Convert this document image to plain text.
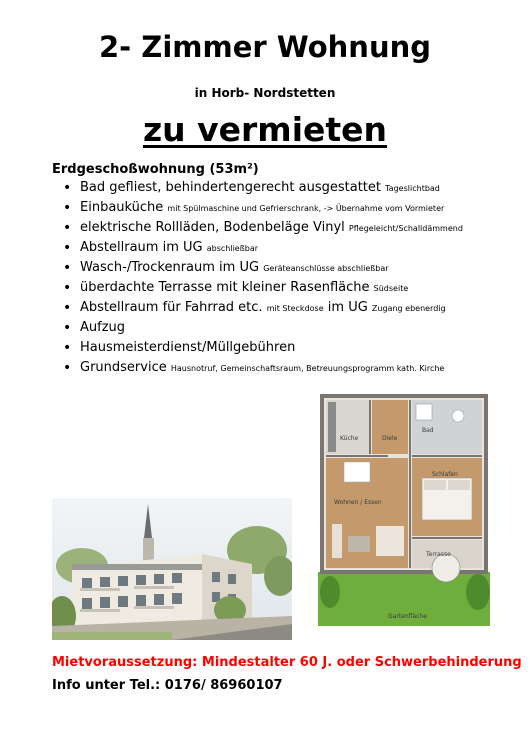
2- Zimmer Wohnung
in Horb- Nordstetten
zu vermieten
Erdgeschoßwohnung (53m²)
• Bad gefliest, behindertengerecht ausgestattet Tageslichtbad
• Einbauküche mit Spülmaschine und Gefrierschrank, -> Übernahme vom Vormieter
• elektrische Rollläden, Bodenbeläge Vinyl Pflegeleicht/Schalldämmend
• Abstellraum im UG abschließbar
• Wasch-/Trockenraum im UG Geräteanschlüsse abschließbar
• überdachte Terrasse mit kleiner Rasenfläche Südseite
• Abstellraum für Fahrrad etc. mit Steckdose im UG Zugang ebenerdig
• Aufzug
• Hausmeisterdienst/Müllgebühren
• Grundservice Hausnotruf, Gemeinschaftsraum, Betreuungsprogramm kath. Kirche
Küche	Diele
Bad
Schlafen
Wohnen / Essen
Terrasse
Gartenfläche
Mietvoraussetzung: Mindestalter 60 J. oder Schwerbehinderung
Info unter Tel.: 0176/ 86960107
